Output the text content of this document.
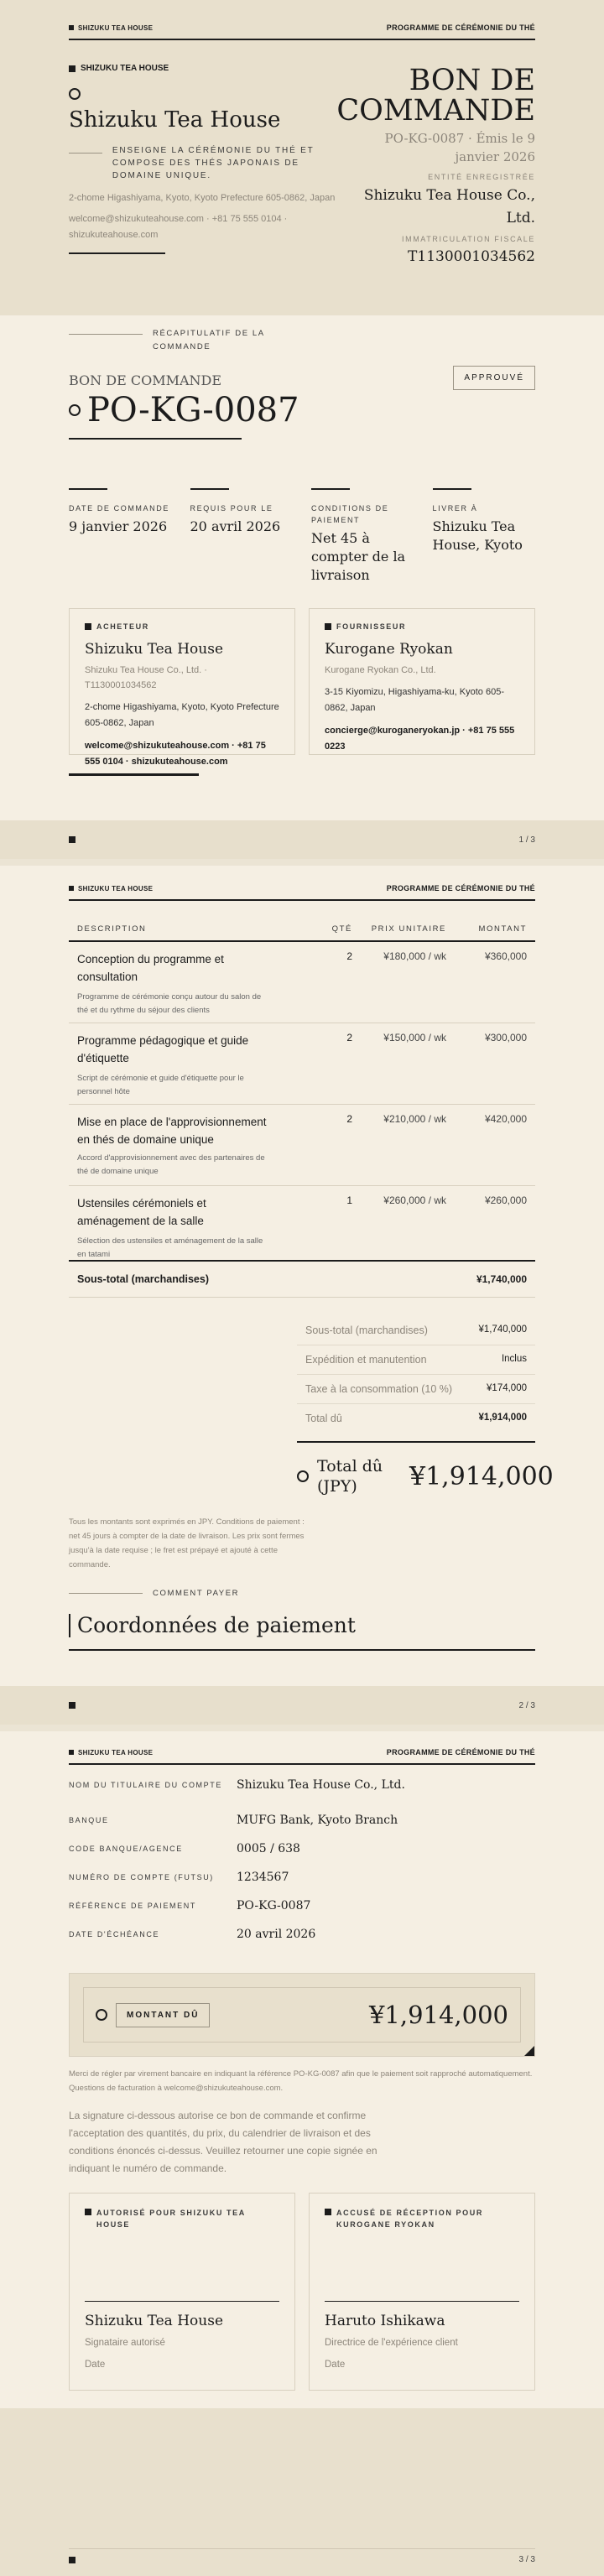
SHIZUKU TEA HOUSE	PROGRAMME DE CÉRÉMONIE DU THÉ
SHIZUKU TEA HOUSE
Shizuku Tea House
ENSEIGNE LA CÉRÉMONIE DU THÉ ET COMPOSE DES THÉS JAPONAIS DE DOMAINE UNIQUE.
2-chome Higashiyama, Kyoto, Kyoto Prefecture 605-0862, Japan
welcome@shizukuteahouse.com · +81 75 555 0104 · shizukuteahouse.com
BON DE COMMANDE
PO-KG-0087 · Émis le 9 janvier 2026
ENTITÉ ENREGISTRÉE
Shizuku Tea House Co., Ltd.
IMMATRICULATION FISCALE
T1130001034562
RÉCAPITULATIF DE LA COMMANDE
BON DE COMMANDE
PO-KG-0087
APPROUVÉ
DATE DE COMMANDE
9 janvier 2026
REQUIS POUR LE
20 avril 2026
CONDITIONS DE PAIEMENT
Net 45 à compter de la livraison
LIVRER À
Shizuku Tea House, Kyoto
ACHETEUR
Shizuku Tea House
Shizuku Tea House Co., Ltd. · T1130001034562
2-chome Higashiyama, Kyoto, Kyoto Prefecture 605-0862, Japan
welcome@shizukuteahouse.com · +81 75 555 0104 · shizukuteahouse.com
FOURNISSEUR
Kurogane Ryokan
Kurogane Ryokan Co., Ltd.
3-15 Kiyomizu, Higashiyama-ku, Kyoto 605-0862, Japan
concierge@kuroganeryokan.jp · +81 75 555 0223
1 / 3
SHIZUKU TEA HOUSE	PROGRAMME DE CÉRÉMONIE DU THÉ
DESCRIPTION	QTÉ	PRIX UNITAIRE	MONTANT
Conception du programme et consultation
Programme de cérémonie conçu autour du salon de thé et du rythme du séjour des clients
2	¥180,000 / wk	¥360,000
Programme pédagogique et guide d'étiquette
Script de cérémonie et guide d'étiquette pour le personnel hôte
2	¥150,000 / wk	¥300,000
Mise en place de l'approvisionnement en thés de domaine unique
Accord d'approvisionnement avec des partenaires de thé de domaine unique
2	¥210,000 / wk	¥420,000
Ustensiles cérémoniels et aménagement de la salle
Sélection des ustensiles et aménagement de la salle en tatami
1	¥260,000 / wk	¥260,000
Sous-total (marchandises)	¥1,740,000
Sous-total (marchandises)	¥1,740,000
Expédition et manutention	Inclus
Taxe à la consommation (10 %)	¥174,000
Total dû	¥1,914,000
Total dû (JPY)	¥1,914,000
Tous les montants sont exprimés en JPY. Conditions de paiement : net 45 jours à compter de la date de livraison. Les prix sont fermes jusqu'à la date requise ; le fret est prépayé et ajouté à cette commande.
COMMENT PAYER
Coordonnées de paiement
2 / 3
SHIZUKU TEA HOUSE	PROGRAMME DE CÉRÉMONIE DU THÉ
NOM DU TITULAIRE DU COMPTE	Shizuku Tea House Co., Ltd.
BANQUE	MUFG Bank, Kyoto Branch
CODE BANQUE/AGENCE	0005 / 638
NUMÉRO DE COMPTE (FUTSU)	1234567
RÉFÉRENCE DE PAIEMENT	PO-KG-0087
DATE D'ÉCHÉANCE	20 avril 2026
MONTANT DÛ	¥1,914,000
Merci de régler par virement bancaire en indiquant la référence PO-KG-0087 afin que le paiement soit rapproché automatiquement. Questions de facturation à welcome@shizukuteahouse.com.
La signature ci-dessous autorise ce bon de commande et confirme l'acceptation des quantités, du prix, du calendrier de livraison et des conditions énoncés ci-dessus. Veuillez retourner une copie signée en indiquant le numéro de commande.
AUTORISÉ POUR SHIZUKU TEA HOUSE
Shizuku Tea House
Signataire autorisé
Date
ACCUSÉ DE RÉCEPTION POUR KUROGANE RYOKAN
Haruto Ishikawa
Directrice de l'expérience client
Date
3 / 3
